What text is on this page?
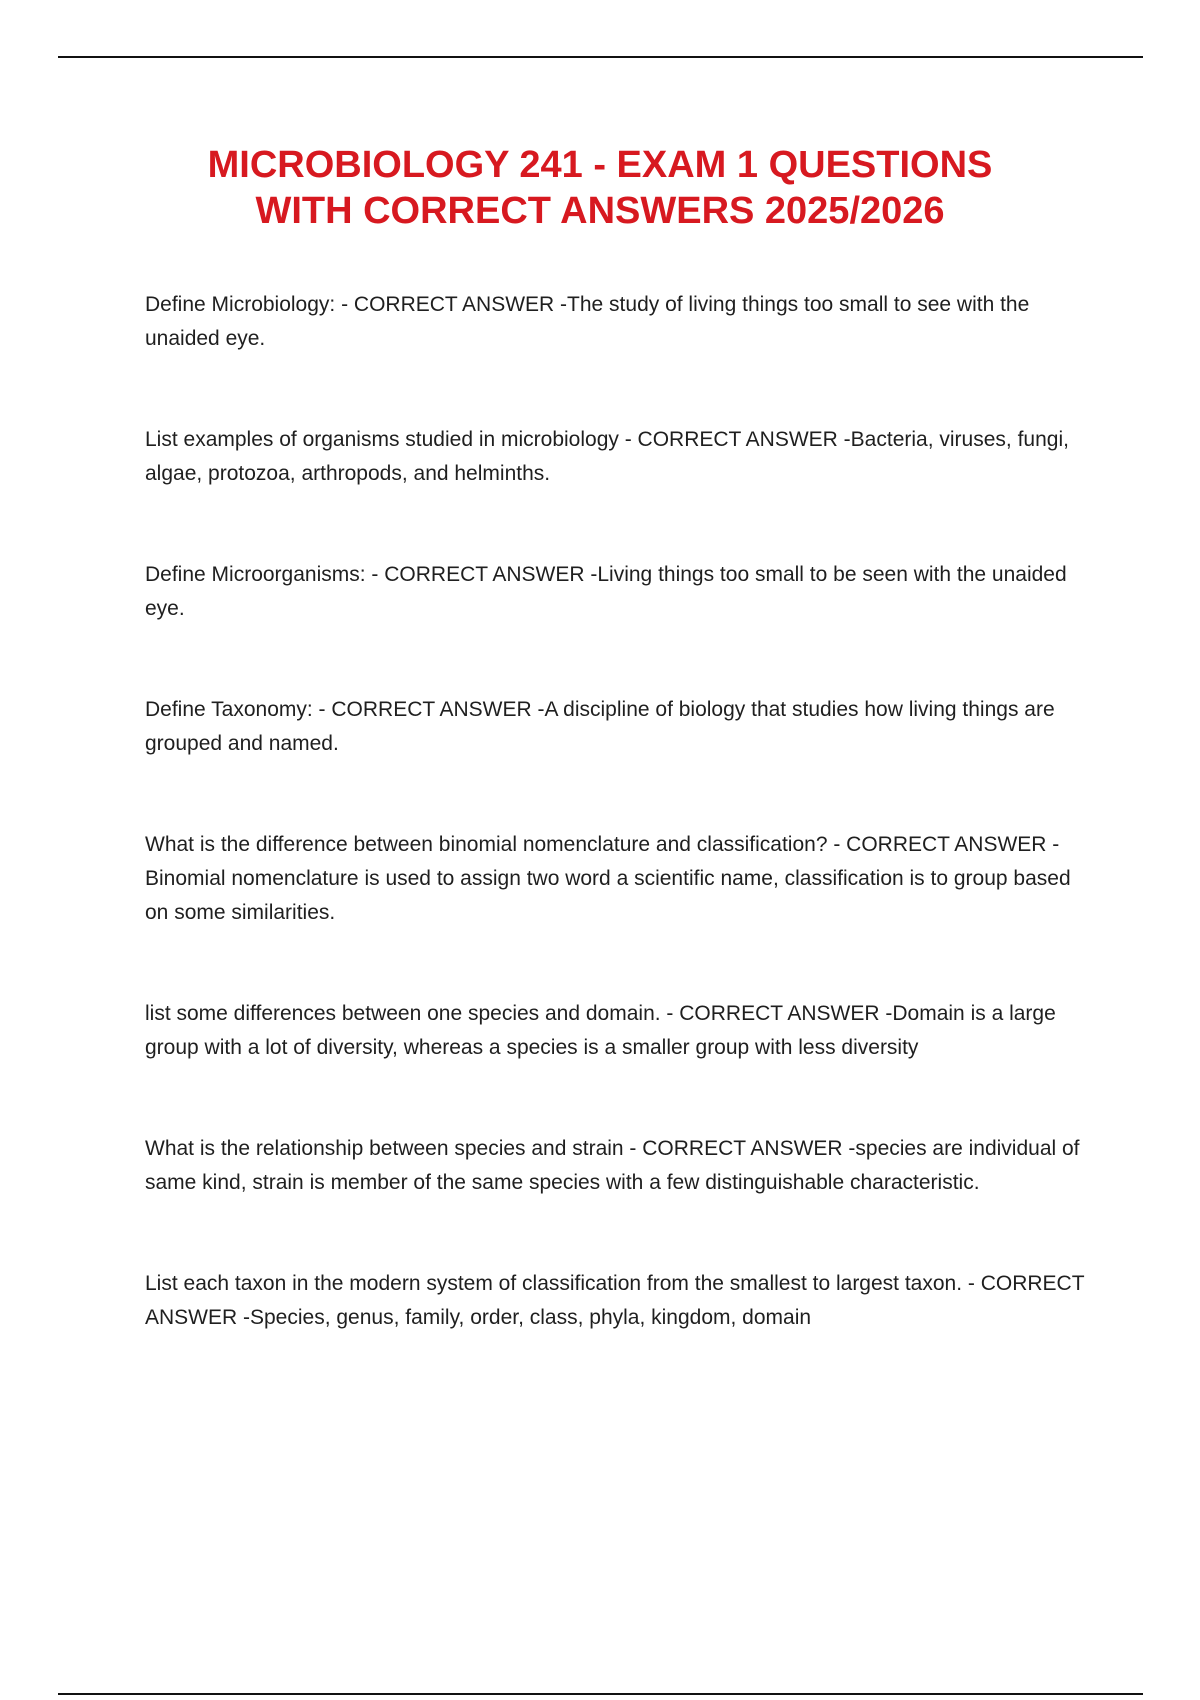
MICROBIOLOGY 241 - EXAM 1 QUESTIONS
WITH CORRECT ANSWERS 2025/2026
Define Microbiology: - CORRECT ANSWER -The study of living things too small to see with the unaided eye.
List examples of organisms studied in microbiology - CORRECT ANSWER -Bacteria, viruses, fungi, algae, protozoa, arthropods, and helminths.
Define Microorganisms: - CORRECT ANSWER -Living things too small to be seen with the unaided eye.
Define Taxonomy: - CORRECT ANSWER -A discipline of biology that studies how living things are grouped and named.
What is the difference between binomial nomenclature and classification? - CORRECT ANSWER - Binomial nomenclature is used to assign two word a scientific name, classification is to group based on some similarities.
list some differences between one species and domain. - CORRECT ANSWER -Domain is a large group with a lot of diversity, whereas a species is a smaller group with less diversity
What is the relationship between species and strain - CORRECT ANSWER -species are individual of same kind, strain is member of the same species with a few distinguishable characteristic.
List each taxon in the modern system of classification from the smallest to largest taxon. - CORRECT ANSWER -Species, genus, family, order, class, phyla, kingdom, domain
